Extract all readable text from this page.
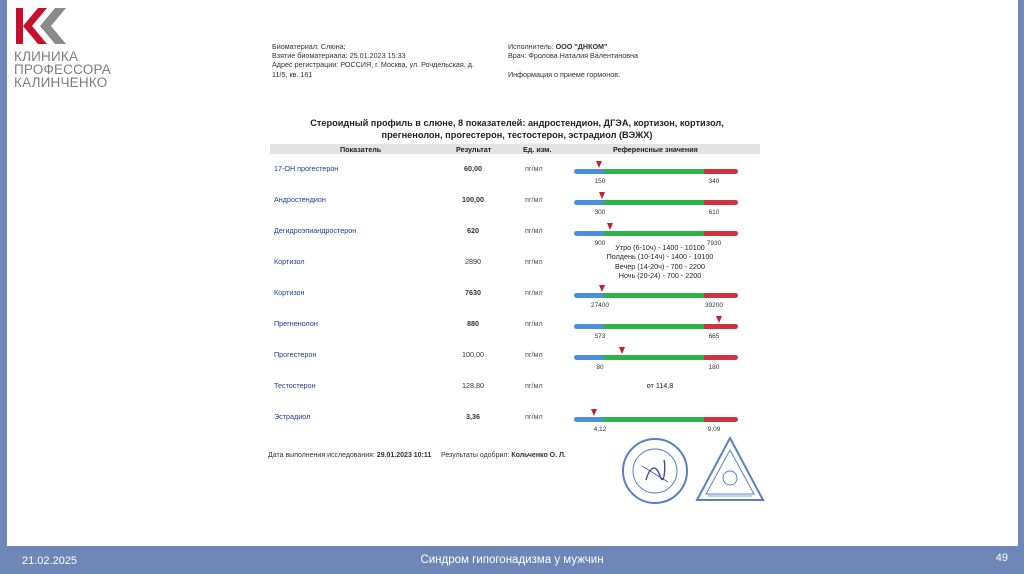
КЛИНИКА
ПРОФЕССОРА
КАЛИНЧЕНКО
Биоматериал: Слюна;
Взятие биоматериала: 25.01.2023 15:33
Адрес регистрации: РОССИЯ, г. Москва, ул. Рочдельская, д.
11/5, кв. 161
Исполнитель: ООО "ДНКОМ"
Врач: Фролова Наталия Валентиновна

Информация о приеме гормонов:
Стероидный профиль в слюне, 8 показателей: андростендион, ДГЭА, кортизон, кортизол,
прегненолон, прогестерон, тестостерон, эстрадиол (ВЭЖХ)
Показатель	Результат	Ед. изм.	Референсные значения
17-ОН прогестерон	60,00	пг/мл
150	340
Андростендион	100,00	пг/мл
300	610
Дегидроэпиандростерон	620	пг/мл
900	7930
Кортизол	2890	пг/мл
Утро (6-10ч) - 1400 - 10100
Полдень (10-14ч) - 1400 - 10100
Вечер (14-20ч) - 700 - 2200
Ночь (20-24) - 700 - 2200
Кортизон	7630	пг/мл
27400	39200
Прегненолон	880	пг/мл
573	665
Прогестерон	100,00	пг/мл
80	180
Тестостерон	128,80	пг/мл	от 114,8
Эстрадиол	3,36	пг/мл
4,12	9,09
Дата выполнения исследования: 29.01.2023 10:11 Результаты одобрил: Кольченко О. Л.
21.02.2025	Синдром гипогонадизма у мужчин	49
